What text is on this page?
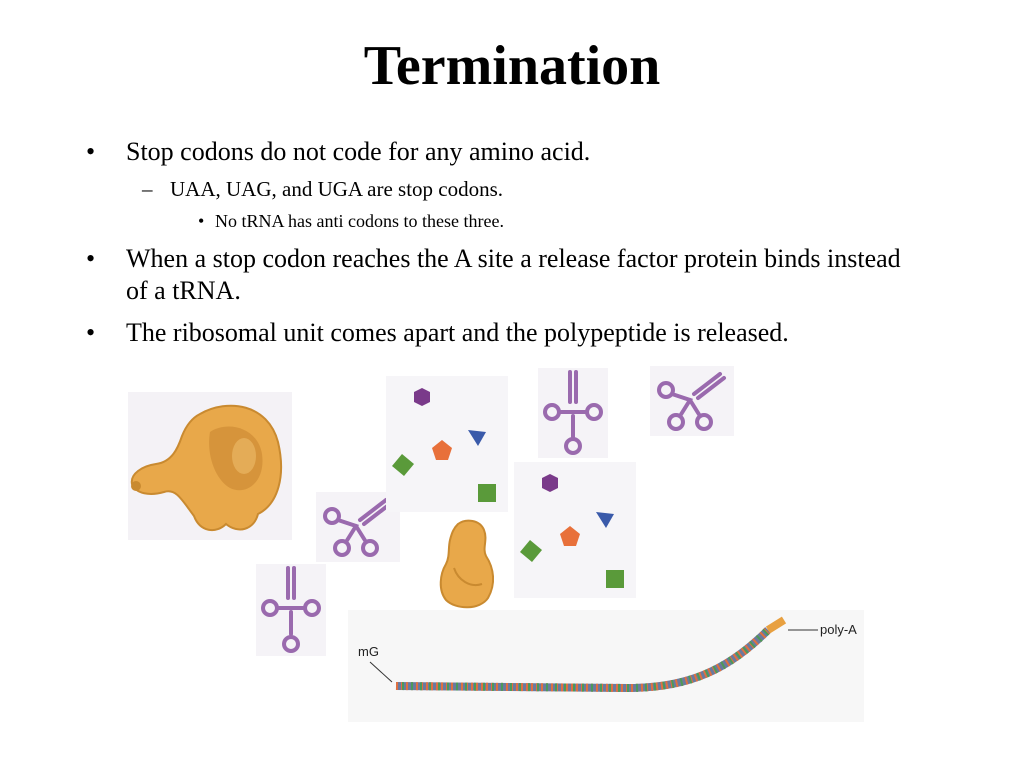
Termination
• Stop codons do not code for any amino acid.
– UAA, UAG, and UGA are stop codons.
• No tRNA has anti codons to these three.
• When a stop codon reaches the A site a release factor protein binds instead of a tRNA.
• The ribosomal unit comes apart and the polypeptide is released.
mG
poly-A
